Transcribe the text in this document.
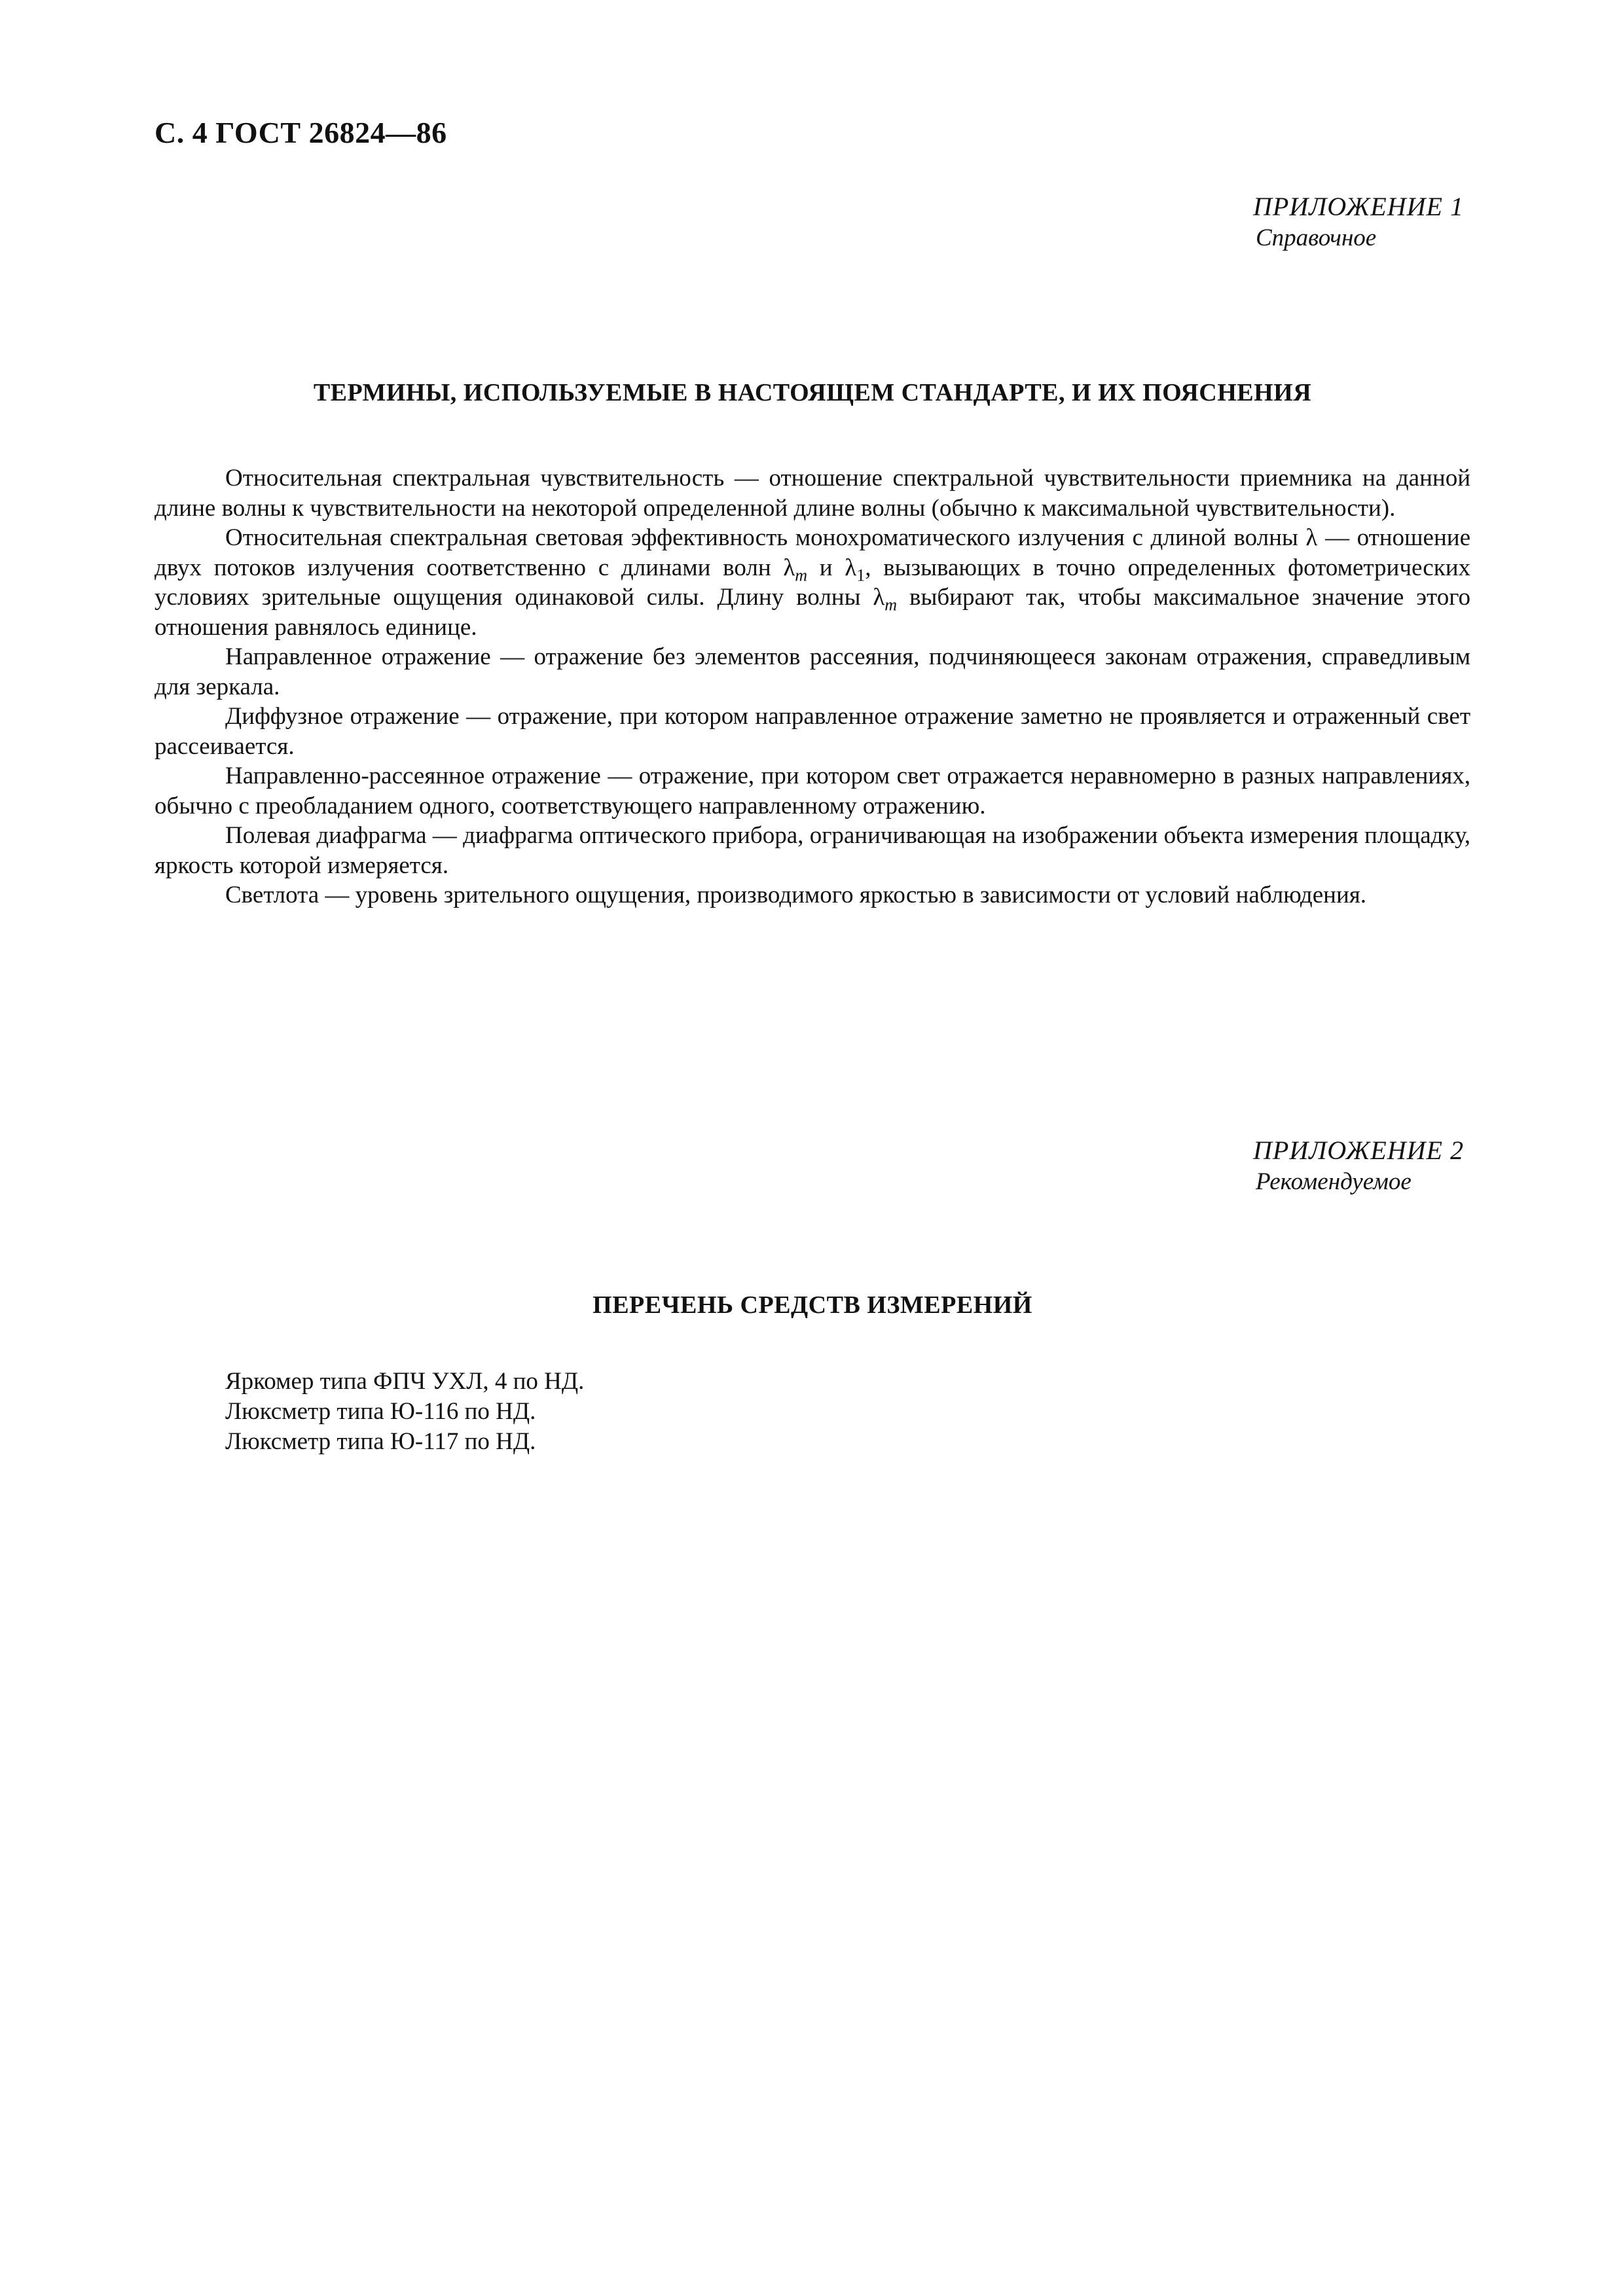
С. 4 ГОСТ 26824—86
ПРИЛОЖЕНИЕ 1
Справочное
ТЕРМИНЫ, ИСПОЛЬЗУЕМЫЕ В НАСТОЯЩЕМ СТАНДАРТЕ, И ИХ ПОЯСНЕНИЯ

Относительная спектральная чувствительность — отношение спектральной чувствительности приемника на данной длине волны к чувствительности на некоторой определенной длине волны (обычно к максимальной чувствительности).

Относительная спектральная световая эффективность монохроматического излучения с длиной волны λ — отношение двух потоков излучения соответственно с длинами волн $\lambda_m$ и $\lambda_1$, вызывающих в точно определенных фотометрических условиях зрительные ощущения одинаковой силы. Длину волны $\lambda_m$ выбирают так, чтобы максимальное значение этого отношения равнялось единице.

Направленное отражение — отражение без элементов рассеяния, подчиняющееся законам отражения, справедливым для зеркала.

Диффузное отражение — отражение, при котором направленное отражение заметно не проявляется и отраженный свет рассеивается.

Направленно-рассеянное отражение — отражение, при котором свет отражается неравномерно в разных направлениях, обычно с преобладанием одного, соответствующего направленному отражению.

Полевая диафрагма — диафрагма оптического прибора, ограничивающая на изображении объекта измерения площадку, яркость которой измеряется.

Светлота — уровень зрительного ощущения, производимого яркостью в зависимости от условий наблюдения.

ПРИЛОЖЕНИЕ 2
Рекомендуемое
ПЕРЕЧЕНЬ СРЕДСТВ ИЗМЕРЕНИЙ
Яркомер типа ФПЧ УХЛ, 4 по НД.
Люксметр типа Ю-116 по НД.
Люксметр типа Ю-117 по НД.
